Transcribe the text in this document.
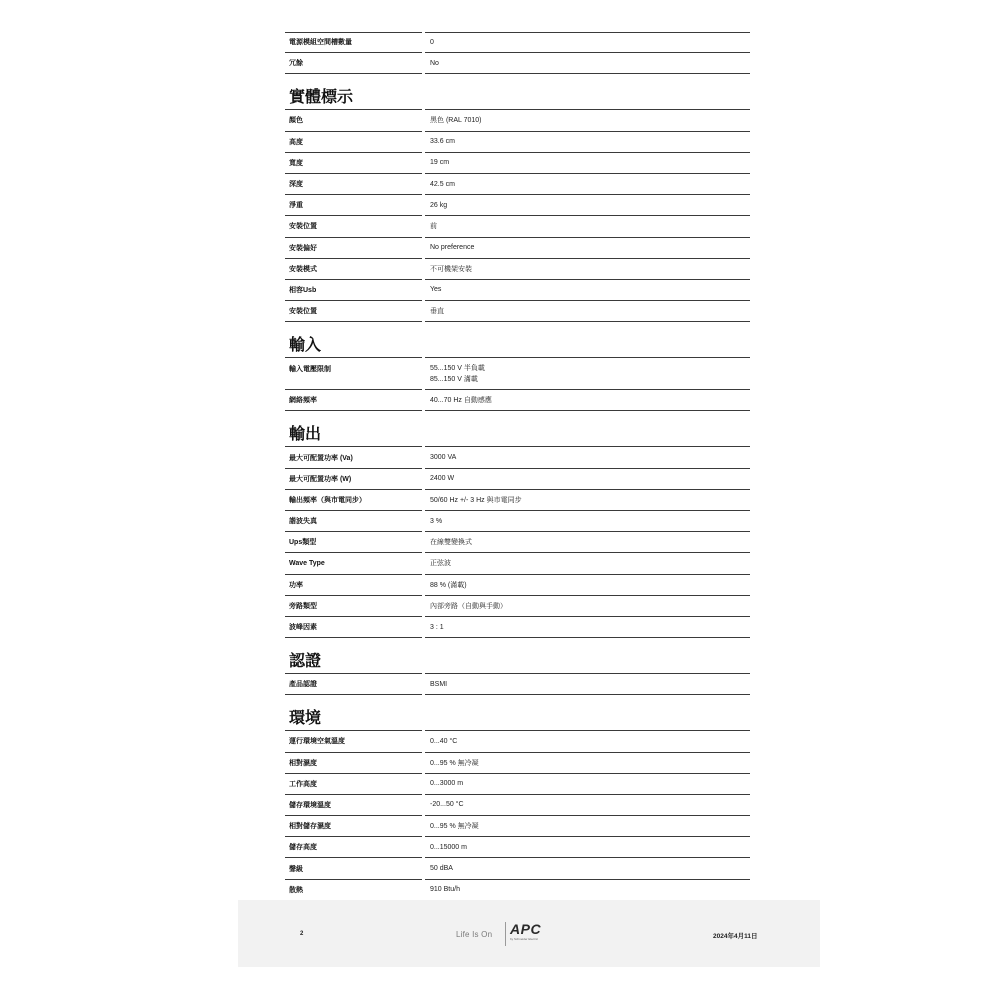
電源模組空間槽數量	0
冗餘	No
實體標示
顏色	黑色 (RAL 7010)
高度	33.6 cm
寬度	19 cm
深度	42.5 cm
淨重	26 kg
安裝位置	前
安裝偏好	No preference
安裝模式	不可機架安裝
相容Usb	Yes
安裝位置	垂直
輸入
輸入電壓限制	55...150 V 半負載
85...150 V 滿載
網絡頻率	40...70 Hz 自動感應
輸出
最大可配置功率 (Va)	3000 VA
最大可配置功率 (W)	2400 W
輸出頻率（與市電同步）	50/60 Hz +/- 3 Hz 與市電同步
諧波失真	3 %
Ups類型	在線雙變換式
Wave Type	正弦波
功率	88 % (滿載)
旁路類型	內部旁路（自動與手動）
波峰因素	3 : 1
認證
產品認證	BSMI
環境
運行環境空氣溫度	0...40 °C
相對濕度	0...95 % 無冷凝
工作高度	0...3000 m
儲存環境溫度	-20...50 °C
相對儲存濕度	0...95 % 無冷凝
儲存高度	0...15000 m
聲級	50 dBA
散熱	910 Btu/h
2	Life Is On APC
by Schneider Electric	2024年4月11日
